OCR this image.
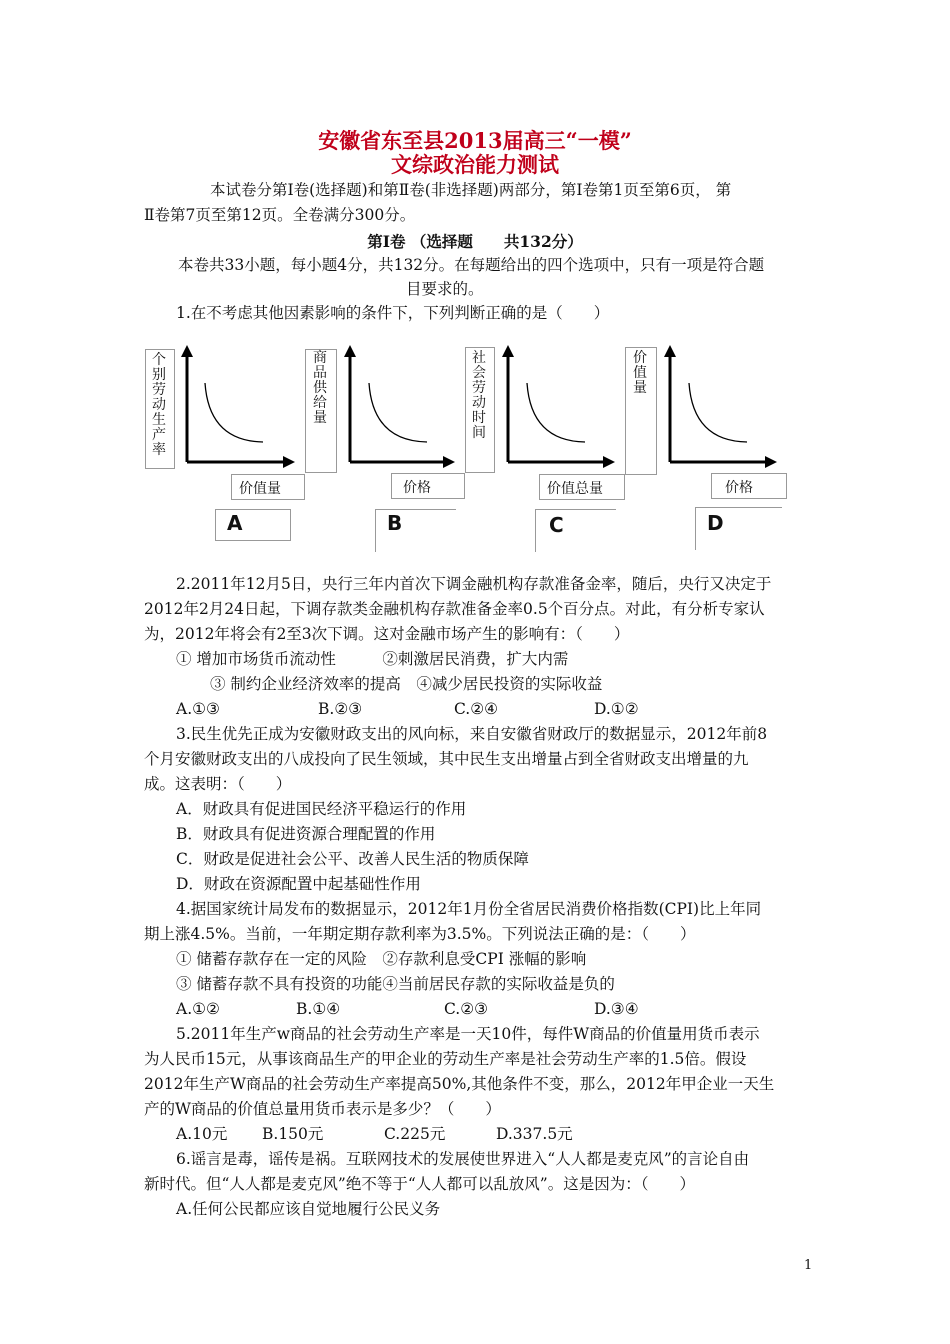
安徽省东至县2013届高三“一模”
文综政治能力测试
本试卷分第Ⅰ卷(选择题)和第Ⅱ卷(非选择题)两部分，第Ⅰ卷第1页至第6页， 第
Ⅱ卷第7页至第12页。全卷满分300分。
第Ⅰ卷 （选择题　　共132分）
本卷共33小题，每小题4分，共132分。在每题给出的四个选项中，只有一项是符合题
目要求的。
1.在不考虑其他因素影响的条件下，下列判断正确的是（　　）
个别劳动生产率
价值量
A
商品供给量
价格
B
社会劳动时间
价值总量
C
价值量
价格
D
2.2011年12月5日，央行三年内首次下调金融机构存款准备金率，随后，央行又决定于
2012年2月24日起，下调存款类金融机构存款准备金率0.5个百分点。对此，有分析专家认
为，2012年将会有2至3次下调。这对金融市场产生的影响有：（　　）
① 增加市场货币流动性　　　②刺激居民消费，扩大内需
③ 制约企业经济效率的提高　④减少居民投资的实际收益
A.①③	B.②③	C.②④	D.①②
3.民生优先正成为安徽财政支出的风向标，来自安徽省财政厅的数据显示，2012年前8
个月安徽财政支出的八成投向了民生领域，其中民生支出增量占到全省财政支出增量的九
成。这表明：（　　）
A．财政具有促进国民经济平稳运行的作用
B．财政具有促进资源合理配置的作用
C．财政是促进社会公平、改善人民生活的物质保障
D．财政在资源配置中起基础性作用
4.据国家统计局发布的数据显示，2012年1月份全省居民消费价格指数(CPI)比上年同
期上涨4.5%。当前，一年期定期存款利率为3.5%。下列说法正确的是：（　　）
① 储蓄存款存在一定的风险　②存款利息受CPI 涨幅的影响
③ 储蓄存款不具有投资的功能④当前居民存款的实际收益是负的
A.①②	B.①④	C.②③	D.③④
5.2011年生产w商品的社会劳动生产率是一天10件，每件W商品的价值量用货币表示
为人民币15元，从事该商品生产的甲企业的劳动生产率是社会劳动生产率的1.5倍。假设
2012年生产W商品的社会劳动生产率提高50%,其他条件不变，那么，2012年甲企业一天生
产的W商品的价值总量用货币表示是多少？（　　）
A.10元 B.150元	C.225元	D.337.5元
6.谣言是毒，谣传是祸。互联网技术的发展使世界进入“人人都是麦克风”的言论自由
新时代。但“人人都是麦克风”绝不等于“人人都可以乱放风”。这是因为：（　　）
A.任何公民都应该自觉地履行公民义务
1
